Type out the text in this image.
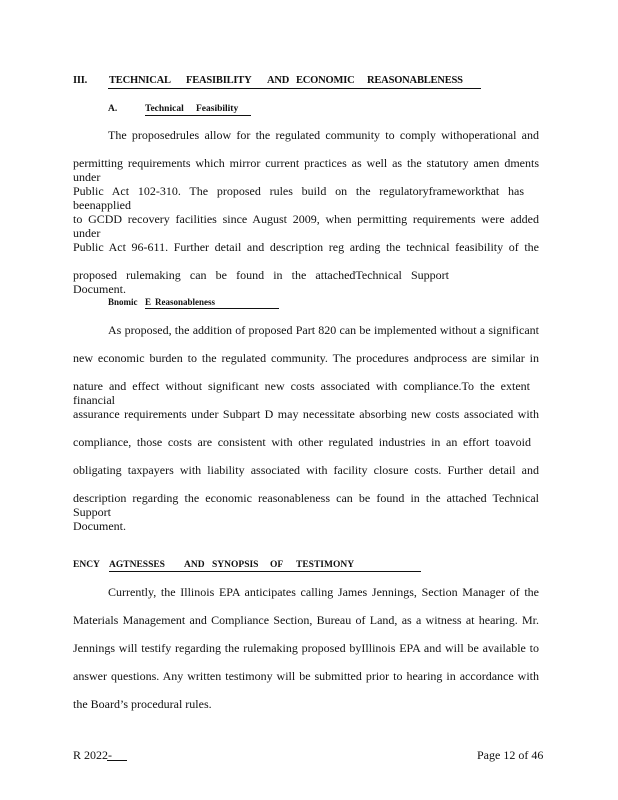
III. TECHNICAL FEASIBILITY AND ECONOMIC REASONABLENESS
A.	Technical Feasibility
The proposedrules allow for the regulated community to comply withoperational and
permitting requirements which mirror current practices as well as the statutory amen dments under
Public Act 102-310. The proposed rules build on the regulatoryframeworkthat has beenapplied
to GCDD recovery facilities since August 2009, when permitting requirements were added under
Public Act 96-611. Further detail and description reg arding the technical feasibility of the
proposed rulemaking can be found in the attachedTechnical Support Document.
Bnomic E Reasonableness
As proposed, the addition of proposed Part 820 can be implemented without a significant
new economic burden to the regulated community. The procedures andprocess are similar in
nature and effect without significant new costs associated with compliance.To the extent financial
assurance requirements under Subpart D may necessitate absorbing new costs associated with
compliance, those costs are consistent with other regulated industries in an effort toavoid
obligating taxpayers with liability associated with facility closure costs. Further detail and
description regarding the economic reasonableness can be found in the attached Technical Support
Document.
ENCY AGTNESSES AND SYNOPSIS OF TESTIMONY
Currently, the Illinois EPA anticipates calling James Jennings, Section Manager of the
Materials Management and Compliance Section, Bureau of Land, as a witness at hearing. Mr.
Jennings will testify regarding the rulemaking proposed byIllinois EPA and will be available to
answer questions. Any written testimony will be submitted prior to hearing in accordance with
the Board’s procedural rules.
R 2022-	Page 12 of 46
